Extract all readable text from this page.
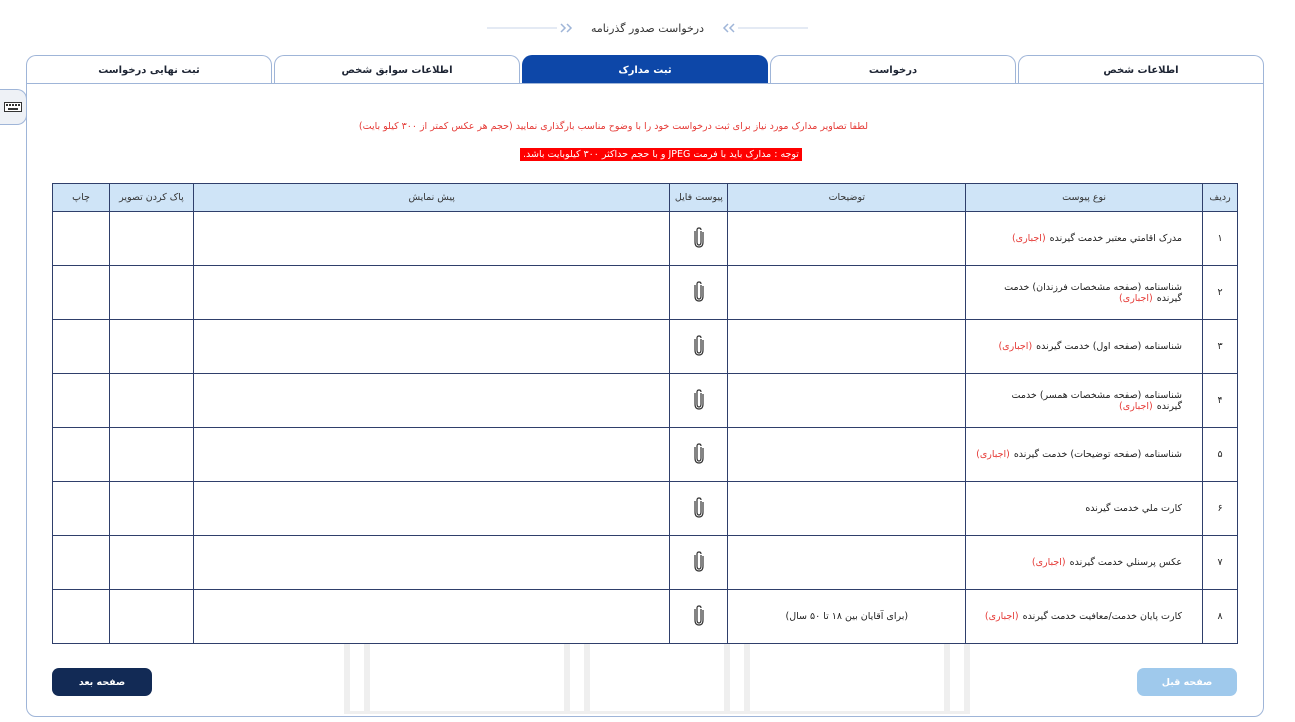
درخواست صدور گذرنامه
اطلاعات شخص
درخواست
ثبت مدارک
اطلاعات سوابق شخص
ثبت نهایی درخواست
لطفا تصاویر مدارک مورد نیاز برای ثبت درخواست خود را با وضوح مناسب بارگذاری نمایید (حجم هر عکس کمتر از ۳۰۰ کیلو بایت)
توجه : مدارک باید با فرمت JPEG و با حجم حداکثر ۳۰۰ کیلوبایت باشد.
ردیف	نوع پیوست	توضیحات	پیوست فایل	پیش نمایش	پاک کردن تصویر	چاپ
۱	مدرک اقامتي معتبر خدمت گیرنده(اجباری)					
۲	شناسنامه (صفحه مشخصات فرزندان) خدمت گیرنده(اجباری)					
۳	شناسنامه (صفحه اول) خدمت گیرنده(اجباری)					
۴	شناسنامه (صفحه مشخصات همسر) خدمت گیرنده(اجباری)					
۵	شناسنامه (صفحه توضیحات) خدمت گیرنده(اجباری)					
۶	کارت ملي خدمت گیرنده					
۷	عکس پرسنلي خدمت گیرنده(اجباری)					
۸	کارت پایان خدمت/معافیت خدمت گیرنده(اجباری)	(برای آقایان بین ۱۸ تا ۵۰ سال)				
صفحه بعد	صفحه قبل
